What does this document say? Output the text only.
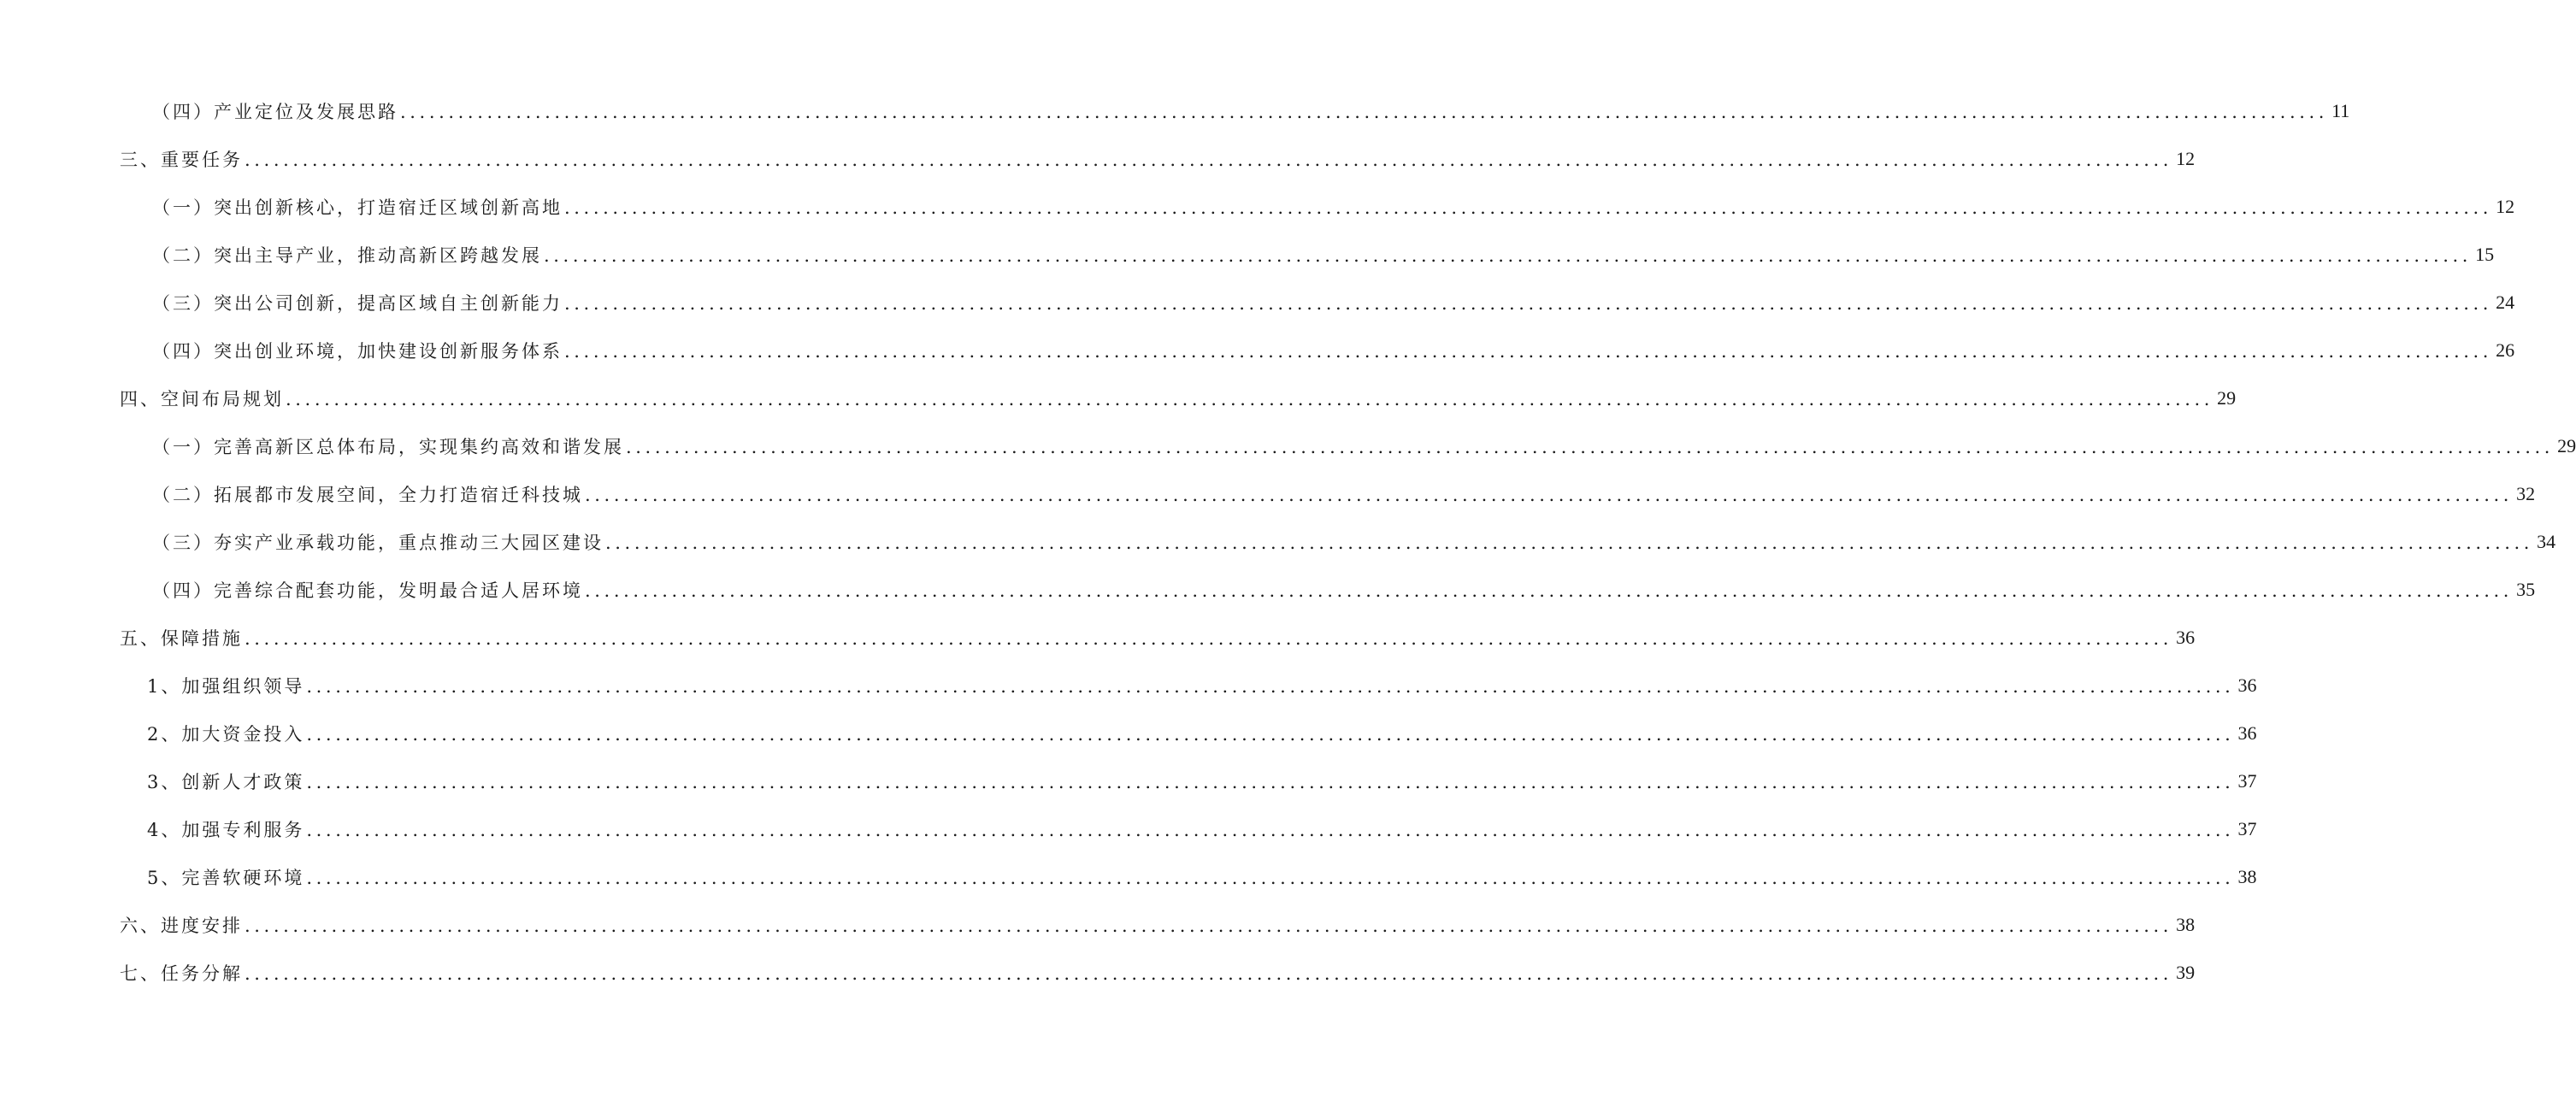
（四）产业定位及发展思路 ........................................................................................................................................................................................................ 11
三、重要任务 ........................................................................................................................................................................................................ 12
（一）突出创新核心，打造宿迁区域创新高地 ........................................................................................................................................................................................................ 12
（二）突出主导产业，推动高新区跨越发展 ........................................................................................................................................................................................................ 15
（三）突出公司创新，提高区域自主创新能力 ........................................................................................................................................................................................................ 24
（四）突出创业环境，加快建设创新服务体系 ........................................................................................................................................................................................................ 26
四、空间布局规划 ........................................................................................................................................................................................................ 29
（一）完善高新区总体布局，实现集约高效和谐发展 ........................................................................................................................................................................................................ 29
（二）拓展都市发展空间，全力打造宿迁科技城 ........................................................................................................................................................................................................ 32
（三）夯实产业承载功能，重点推动三大园区建设 ........................................................................................................................................................................................................ 34
（四）完善综合配套功能，发明最合适人居环境 ........................................................................................................................................................................................................ 35
五、保障措施 ........................................................................................................................................................................................................ 36
1、加强组织领导 ........................................................................................................................................................................................................ 36
2、加大资金投入 ........................................................................................................................................................................................................ 36
3、创新人才政策 ........................................................................................................................................................................................................ 37
4、加强专利服务 ........................................................................................................................................................................................................ 37
5、完善软硬环境 ........................................................................................................................................................................................................ 38
六、进度安排 ........................................................................................................................................................................................................ 38
七、任务分解 ........................................................................................................................................................................................................ 39
